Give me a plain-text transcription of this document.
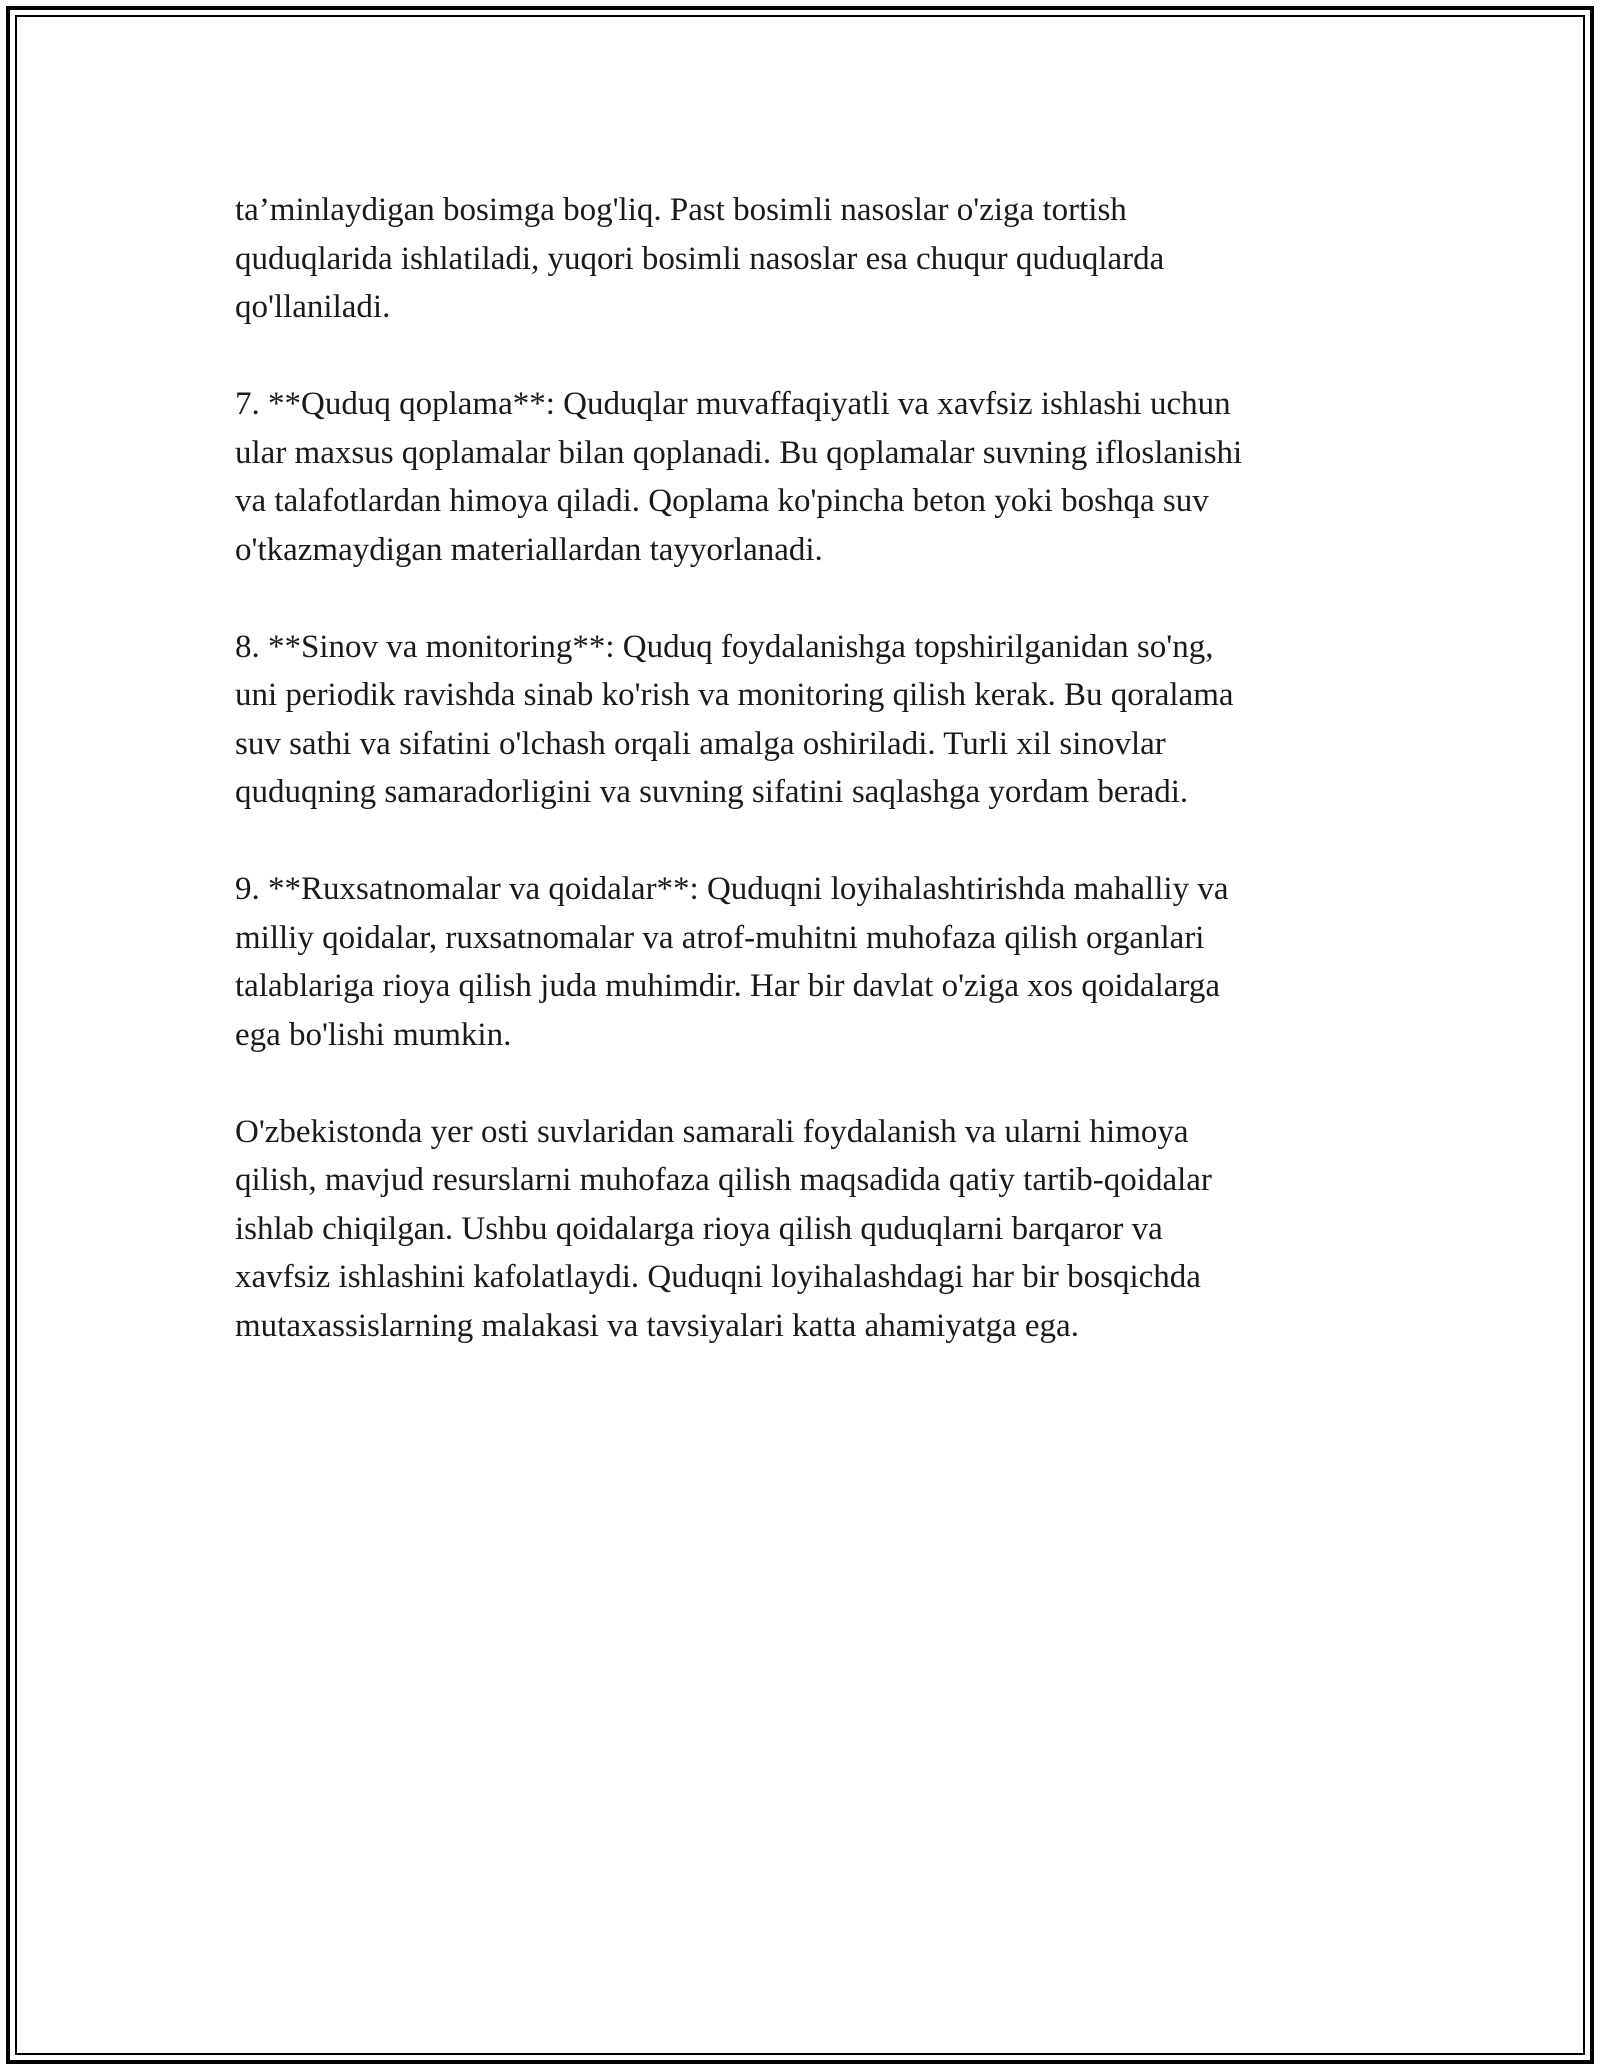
ta’minlaydigan bosimga bog'liq. Past bosimli nasoslar o'ziga tortish
quduqlarida ishlatiladi, yuqori bosimli nasoslar esa chuqur quduqlarda
qo'llaniladi.

7. **Quduq qoplama**: Quduqlar muvaffaqiyatli va xavfsiz ishlashi uchun
ular maxsus qoplamalar bilan qoplanadi. Bu qoplamalar suvning ifloslanishi
va talafotlardan himoya qiladi. Qoplama ko'pincha beton yoki boshqa suv
o'tkazmaydigan materiallardan tayyorlanadi.

8. **Sinov va monitoring**: Quduq foydalanishga topshirilganidan so'ng,
uni periodik ravishda sinab ko'rish va monitoring qilish kerak. Bu qoralama
suv sathi va sifatini o'lchash orqali amalga oshiriladi. Turli xil sinovlar
quduqning samaradorligini va suvning sifatini saqlashga yordam beradi.

9. **Ruxsatnomalar va qoidalar**: Quduqni loyihalashtirishda mahalliy va
milliy qoidalar, ruxsatnomalar va atrof-muhitni muhofaza qilish organlari
talablariga rioya qilish juda muhimdir. Har bir davlat o'ziga xos qoidalarga
ega bo'lishi mumkin.

O'zbekistonda yer osti suvlaridan samarali foydalanish va ularni himoya
qilish, mavjud resurslarni muhofaza qilish maqsadida qatiy tartib-qoidalar
ishlab chiqilgan. Ushbu qoidalarga rioya qilish quduqlarni barqaror va
xavfsiz ishlashini kafolatlaydi. Quduqni loyihalashdagi har bir bosqichda
mutaxassislarning malakasi va tavsiyalari katta ahamiyatga ega.
